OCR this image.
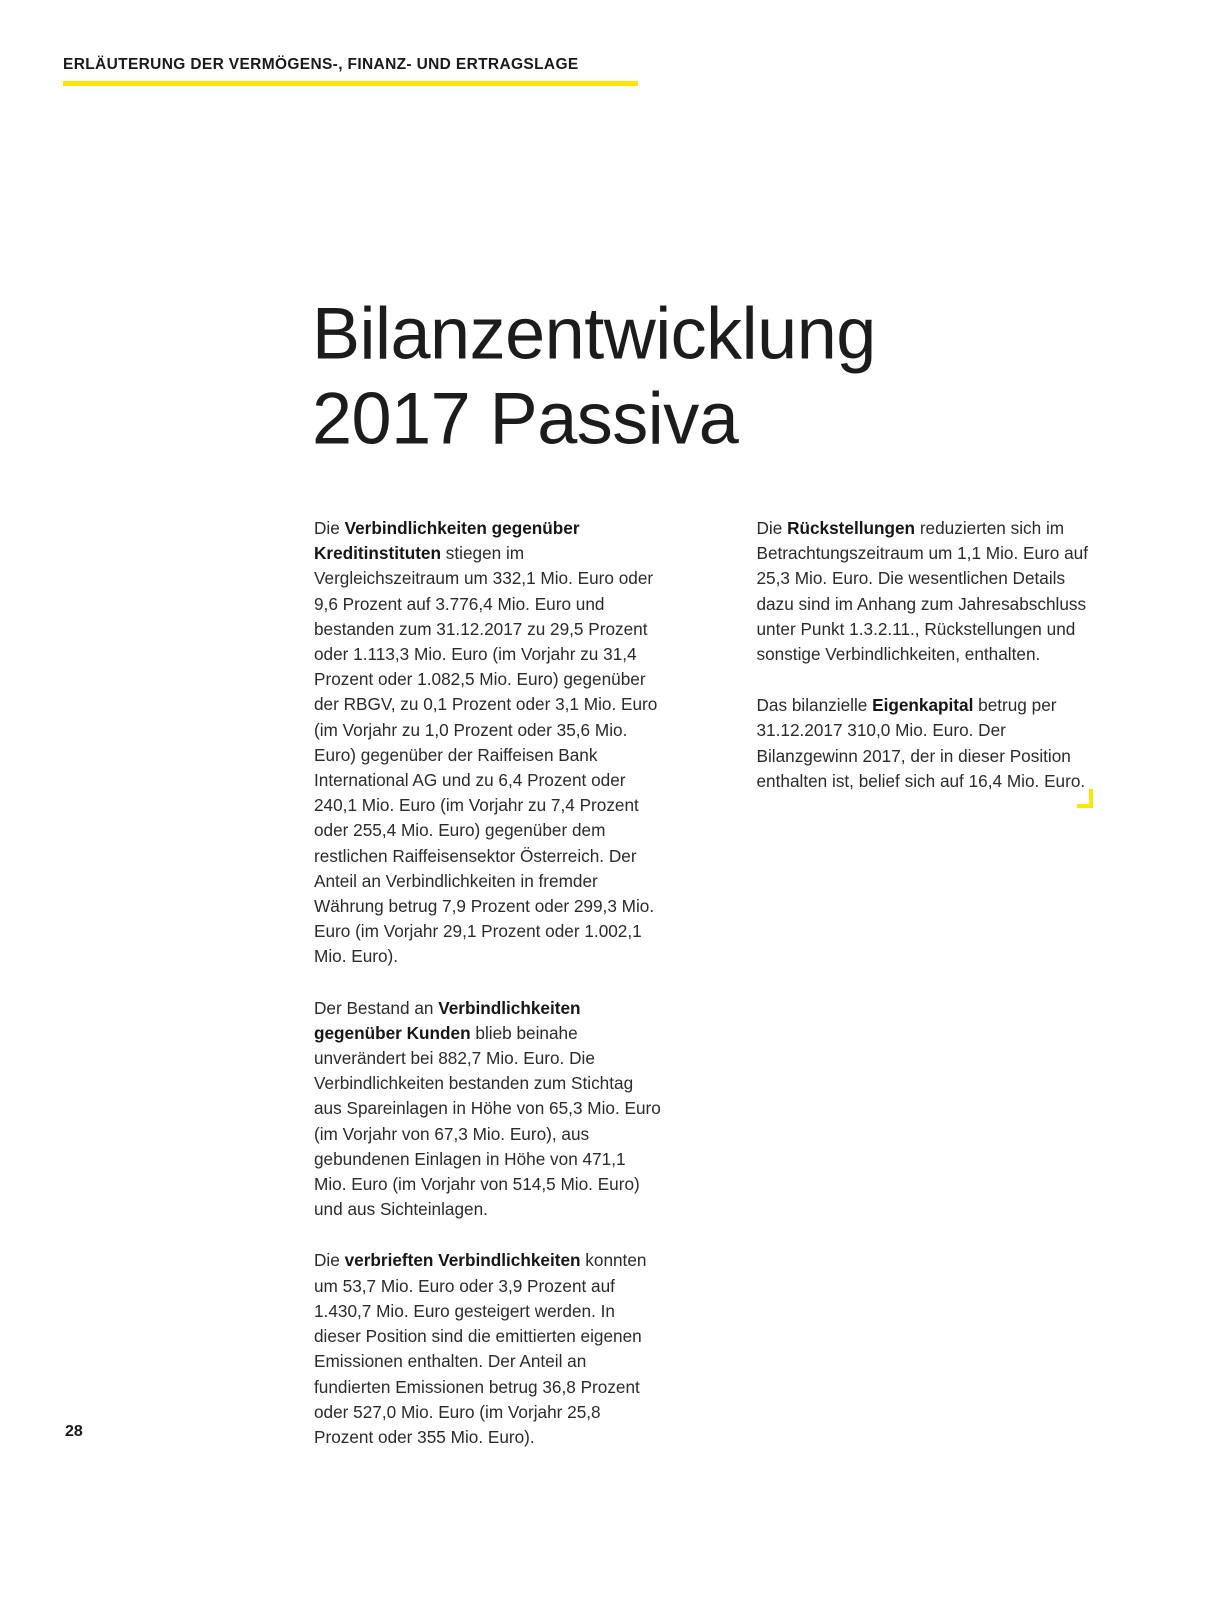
ERLÄUTERUNG DER VERMÖGENS-, FINANZ- UND ERTRAGSLAGE
Bilanzentwicklung
2017 Passiva

Die Verbindlichkeiten gegenüber Kreditinstituten stiegen im Vergleichszeitraum um 332,1 Mio. Euro oder 9,6 Prozent auf 3.776,4 Mio. Euro und bestanden zum 31.12.2017 zu 29,5 Prozent oder 1.113,3 Mio. Euro (im Vorjahr zu 31,4 Prozent oder 1.082,5 Mio. Euro) gegenüber der RBGV, zu 0,1 Prozent oder 3,1 Mio. Euro (im Vorjahr zu 1,0 Prozent oder 35,6 Mio. Euro) gegenüber der Raiffeisen Bank International AG und zu 6,4 Prozent oder 240,1 Mio. Euro (im Vorjahr zu 7,4 Prozent oder 255,4 Mio. Euro) gegenüber dem restlichen Raiffeisensektor Österreich. Der Anteil an Verbindlichkeiten in fremder Währung betrug 7,9 Prozent oder 299,3 Mio. Euro (im Vorjahr 29,1 Prozent oder 1.002,1 Mio. Euro).

Der Bestand an Verbindlichkeiten gegenüber Kunden blieb beinahe unverändert bei 882,7 Mio. Euro. Die Verbindlichkeiten bestanden zum Stichtag aus Spareinlagen in Höhe von 65,3 Mio. Euro (im Vorjahr von 67,3 Mio. Euro), aus gebundenen Einlagen in Höhe von 471,1 Mio. Euro (im Vorjahr von 514,5 Mio. Euro) und aus Sichteinlagen.

Die verbrieften Verbindlichkeiten konnten um 53,7 Mio. Euro oder 3,9 Prozent auf 1.430,7 Mio. Euro gesteigert werden. In dieser Position sind die emittierten eigenen Emissionen enthalten. Der Anteil an fundierten Emissionen betrug 36,8 Prozent oder 527,0 Mio. Euro (im Vorjahr 25,8 Prozent oder 355 Mio. Euro).

Die Rückstellungen reduzierten sich im Betrachtungszeitraum um 1,1 Mio. Euro auf 25,3 Mio. Euro. Die wesentlichen Details dazu sind im Anhang zum Jahresabschluss unter Punkt 1.3.2.11., Rückstellungen und sonstige Verbindlichkeiten, enthalten.

Das bilanzielle Eigenkapital betrug per 31.12.2017 310,0 Mio. Euro. Der Bilanzgewinn 2017, der in dieser Position enthalten ist, belief sich auf 16,4 Mio. Euro.

28
